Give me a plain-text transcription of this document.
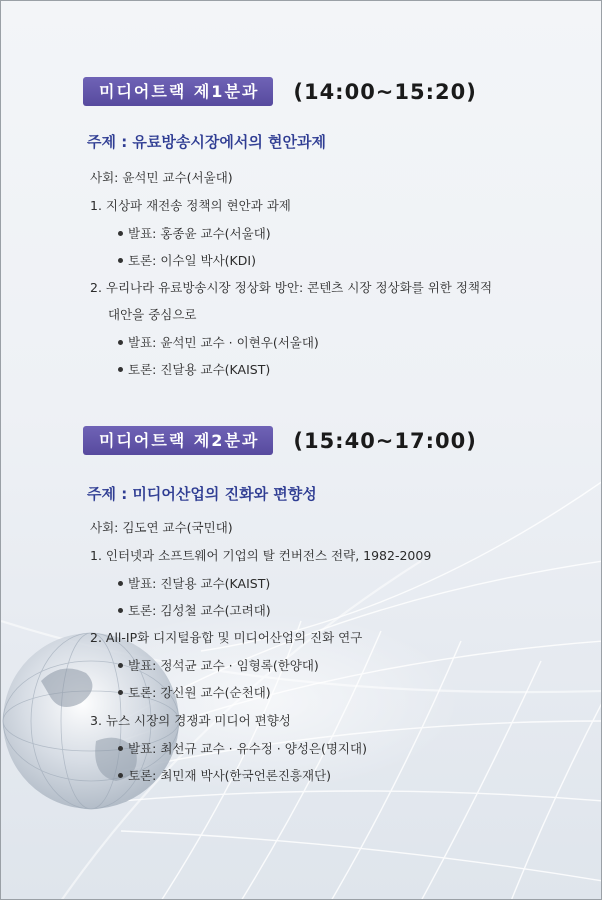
미디어트랙 제1분과	(14:00~15:20)
주제 : 유료방송시장에서의 현안과제
사회: 윤석민 교수(서울대)
1. 지상파 재전송 정책의 현안과 과제
발표: 홍종윤 교수(서울대)
토론: 이수일 박사(KDI)
2. 우리나라 유료방송시장 정상화 방안: 콘텐츠 시장 정상화를 위한 정책적
대안을 중심으로
발표: 윤석민 교수 · 이현우(서울대)
토론: 진달용 교수(KAIST)
미디어트랙 제2분과	(15:40~17:00)
주제 : 미디어산업의 진화와 편향성
사회: 김도연 교수(국민대)
1. 인터넷과 소프트웨어 기업의 탈 컨버전스 전략, 1982-2009
발표: 진달용 교수(KAIST)
토론: 김성철 교수(고려대)
2. All-IP화 디지털융합 및 미디어산업의 진화 연구
발표: 정석균 교수 · 임형록(한양대)
토론: 강신원 교수(순천대)
3. 뉴스 시장의 경쟁과 미디어 편향성
발표: 최선규 교수 · 유수정 · 양성은(명지대)
토론: 최민재 박사(한국언론진흥재단)
